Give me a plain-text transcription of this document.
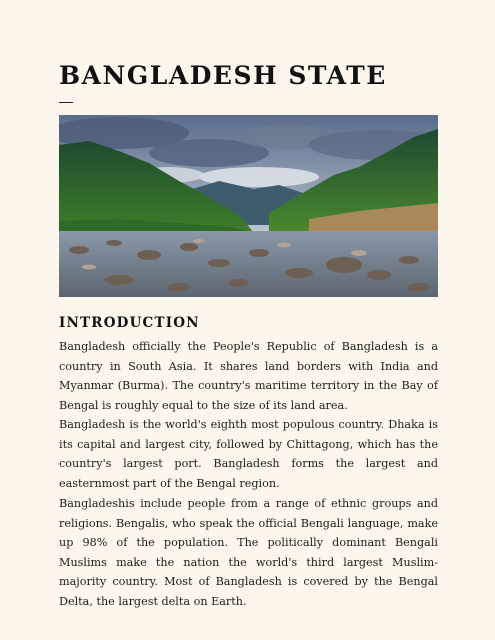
BANGLADESH STATE
INTRODUCTION

Bangladesh officially the People's Republic of Bangladesh is a country in South Asia. It shares land borders with India and Myanmar (Burma). The country's maritime territory in the Bay of Bengal is roughly equal to the size of its land area.

Bangladesh is the world's eighth most populous country. Dhaka is its capital and largest city, followed by Chittagong, which has the country's largest port. Bangladesh forms the largest and easternmost part of the Bengal region.

Bangladeshis include people from a range of ethnic groups and religions. Bengalis, who speak the official Bengali language, make up 98% of the population. The politically dominant Bengali Muslims make the nation the world's third largest Muslim-majority country. Most of Bangladesh is covered by the Bengal Delta, the largest delta on Earth.
